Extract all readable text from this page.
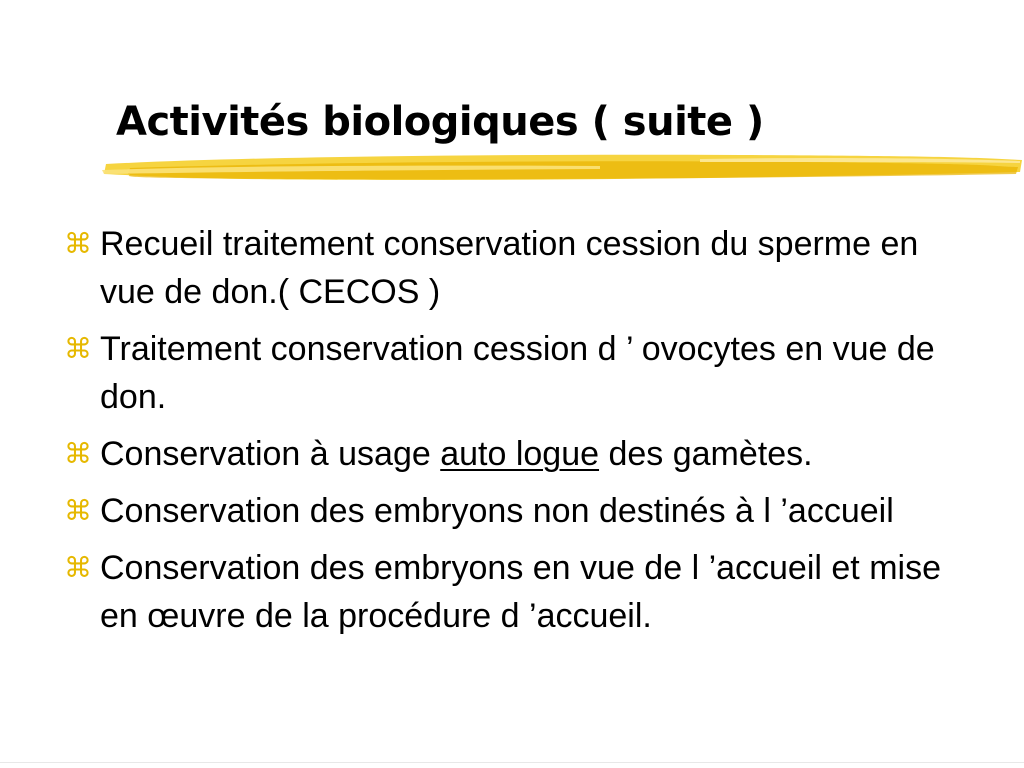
Activités biologiques ( suite )
⌘ Recueil traitement conservation cession du sperme en vue de don.( CECOS )
⌘ Traitement conservation cession d ’ ovocytes en vue de don.
⌘ Conservation à usage auto logue des gamètes.
⌘ Conservation des embryons non destinés à l ’accueil
⌘ Conservation des embryons en vue de l ’accueil et mise en œuvre de la procédure d ’accueil.
